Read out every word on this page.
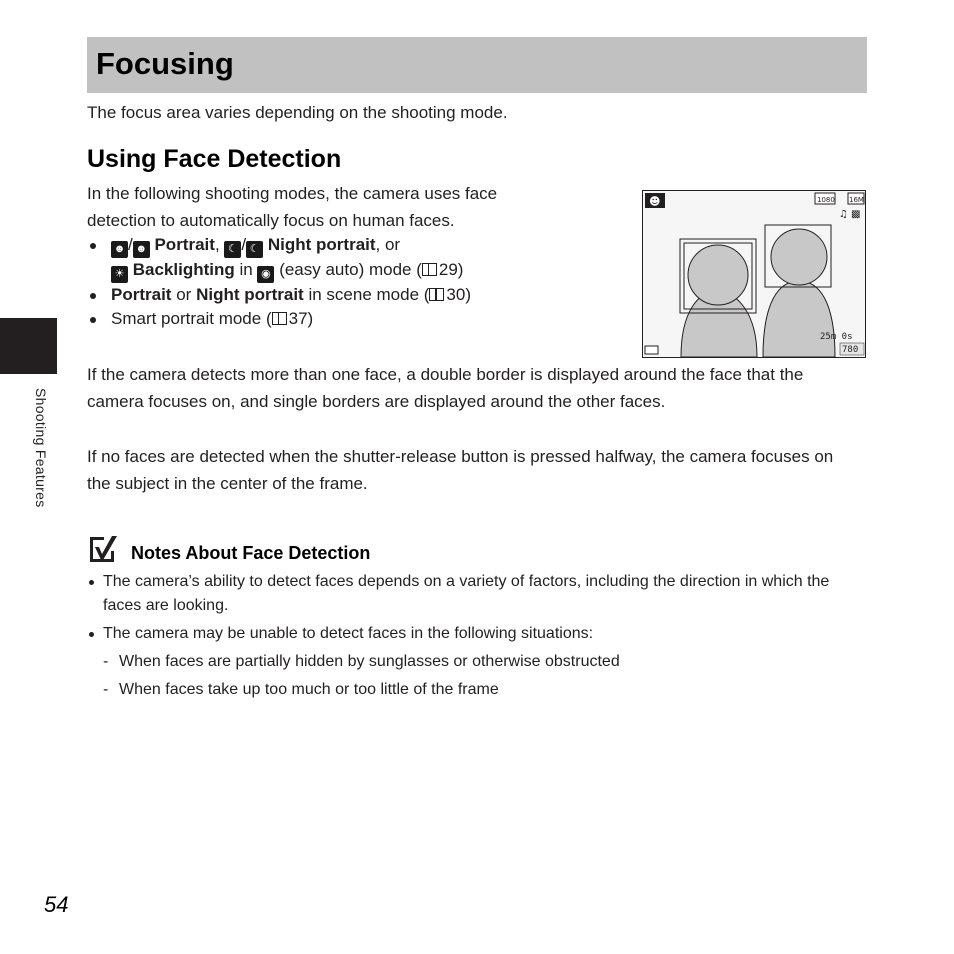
Focusing
The focus area varies depending on the shooting mode.
Using Face Detection
In the following shooting modes, the camera uses face detection to automatically focus on human faces.
☻ / ☻ Portrait, ☾ / ☾ Night portrait, or
☀ Backlighting in ◉ (easy auto) mode ( 29)
Portrait or Night portrait in scene mode ( 30)
Smart portrait mode ( 37)
☻	1080 16M
♫ ▩
25m 0s
780
If the camera detects more than one face, a double border is displayed around the face that the camera focuses on, and single borders are displayed around the other faces.
If no faces are detected when the shutter-release button is pressed halfway, the camera focuses on the subject in the center of the frame.
Shooting Features
Notes About Face Detection
The camera’s ability to detect faces depends on a variety of factors, including the direction in which the faces are looking.
The camera may be unable to detect faces in the following situations:
- When faces are partially hidden by sunglasses or otherwise obstructed
- When faces take up too much or too little of the frame
54
